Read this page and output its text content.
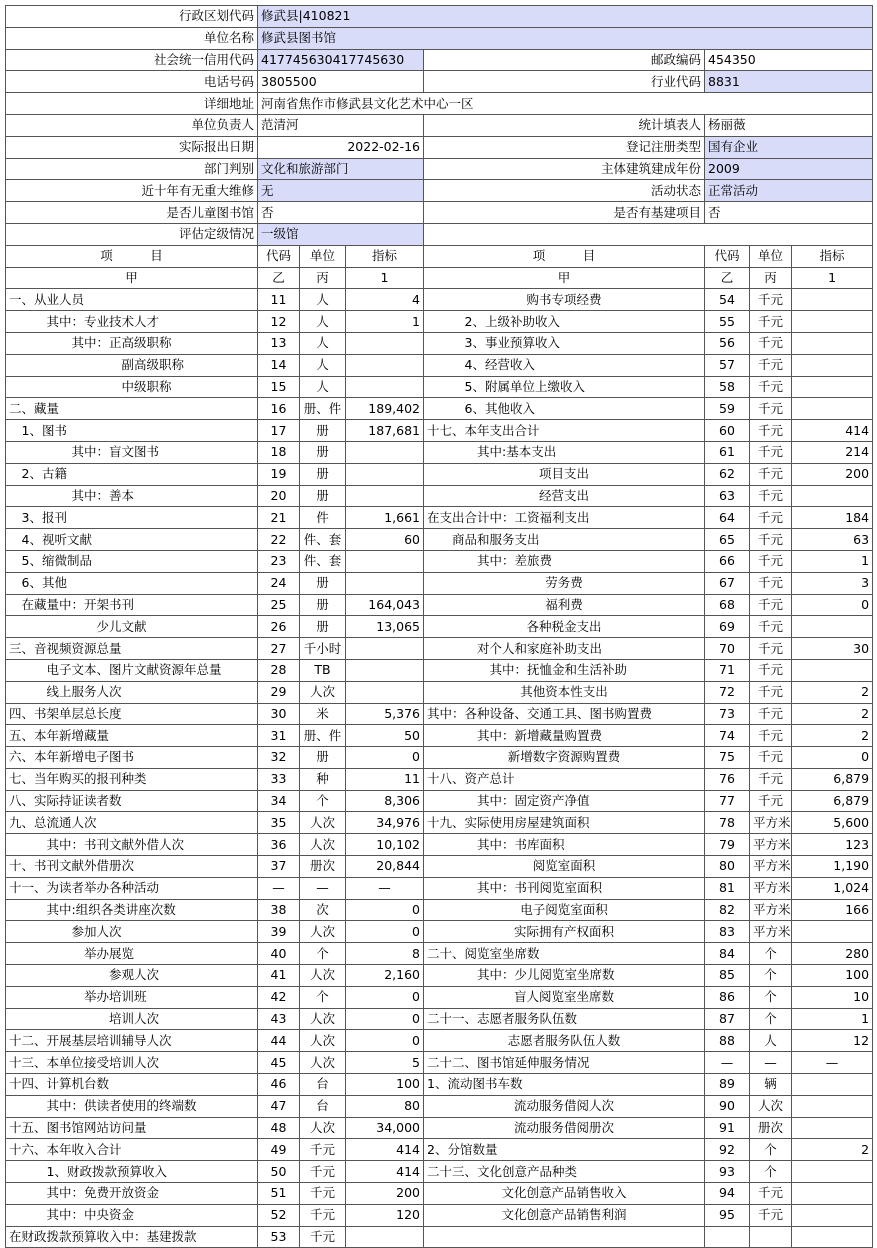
行政区划代码	修武县|410821						
单位名称	修武县图书馆						
社会统一信用代码	417745630417745630			邮政编码	454350		
电话号码	3805500			行业代码	8831		
详细地址	河南省焦作市修武县文化艺术中心一区						
单位负责人	范清河			统计填表人	杨丽薇		
实际报出日期	2022-02-16			登记注册类型	国有企业		
部门判别	文化和旅游部门			主体建筑建成年份	2009		
近十年有无重大维修	无			活动状态	正常活动		
是否儿童图书馆	否			是否有基建项目	否		
评估定级情况	一级馆						
项　　　目	代码	单位	指标	项　　　目	代码	单位	指标
甲	乙	丙	1	甲	乙	丙	1
一、从业人员	11	人	4	购书专项经费	54	千元	
其中：专业技术人才	12	人	1	2、上级补助收入	55	千元	
其中：正高级职称	13	人		3、事业预算收入	56	千元	
副高级职称	14	人		4、经营收入	57	千元	
中级职称	15	人		5、附属单位上缴收入	58	千元	
二、藏量	16	册、件	189,402	6、其他收入	59	千元	
1、图书	17	册	187,681	十七、本年支出合计	60	千元	414
其中：盲文图书	18	册		其中:基本支出	61	千元	214
2、古籍	19	册		项目支出	62	千元	200
其中：善本	20	册		经营支出	63	千元	
3、报刊	21	件	1,661	在支出合计中：工资福利支出	64	千元	184
4、视听文献	22	件、套	60	商品和服务支出	65	千元	63
5、缩微制品	23	件、套		其中：差旅费	66	千元	1
6、其他	24	册		劳务费	67	千元	3
在藏量中：开架书刊	25	册	164,043	福利费	68	千元	0
少儿文献	26	册	13,065	各种税金支出	69	千元	
三、音视频资源总量	27	千小时		对个人和家庭补助支出	70	千元	30
电子文本、图片文献资源年总量	28	TB		其中：抚恤金和生活补助	71	千元	
线上服务人次	29	人次		其他资本性支出	72	千元	2
四、书架单层总长度	30	米	5,376	其中：各种设备、交通工具、图书购置费	73	千元	2
五、本年新增藏量	31	册、件	50	其中：新增藏量购置费	74	千元	2
六、本年新增电子图书	32	册	0	新增数字资源购置费	75	千元	0
七、当年购买的报刊种类	33	种	11	十八、资产总计	76	千元	6,879
八、实际持证读者数	34	个	8,306	其中：固定资产净值	77	千元	6,879
九、总流通人次	35	人次	34,976	十九、实际使用房屋建筑面积	78	平方米	5,600
其中：书刊文献外借人次	36	人次	10,102	其中：书库面积	79	平方米	123
十、书刊文献外借册次	37	册次	20,844	阅览室面积	80	平方米	1,190
十一、为读者举办各种活动	—	—	—	其中：书刊阅览室面积	81	平方米	1,024
其中:组织各类讲座次数	38	次	0	电子阅览室面积	82	平方米	166
参加人次	39	人次	0	实际拥有产权面积	83	平方米	
举办展览	40	个	8	二十、阅览室坐席数	84	个	280
参观人次	41	人次	2,160	其中：少儿阅览室坐席数	85	个	100
举办培训班	42	个	0	盲人阅览室坐席数	86	个	10
培训人次	43	人次	0	二十一、志愿者服务队伍数	87	个	1
十二、开展基层培训辅导人次	44	人次	0	志愿者服务队伍人数	88	人	12
十三、本单位接受培训人次	45	人次	5	二十二、图书馆延伸服务情况	—	—	—
十四、计算机台数	46	台	100	1、流动图书车数	89	辆	
其中：供读者使用的终端数	47	台	80	流动服务借阅人次	90	人次	
十五、图书馆网站访问量	48	人次	34,000	流动服务借阅册次	91	册次	
十六、本年收入合计	49	千元	414	2、分馆数量	92	个	2
1、财政拨款预算收入	50	千元	414	二十三、文化创意产品种类	93	个	
其中：免费开放资金	51	千元	200	文化创意产品销售收入	94	千元	
其中：中央资金	52	千元	120	文化创意产品销售利润	95	千元	
在财政拨款预算收入中：基建拨款	53	千元					
